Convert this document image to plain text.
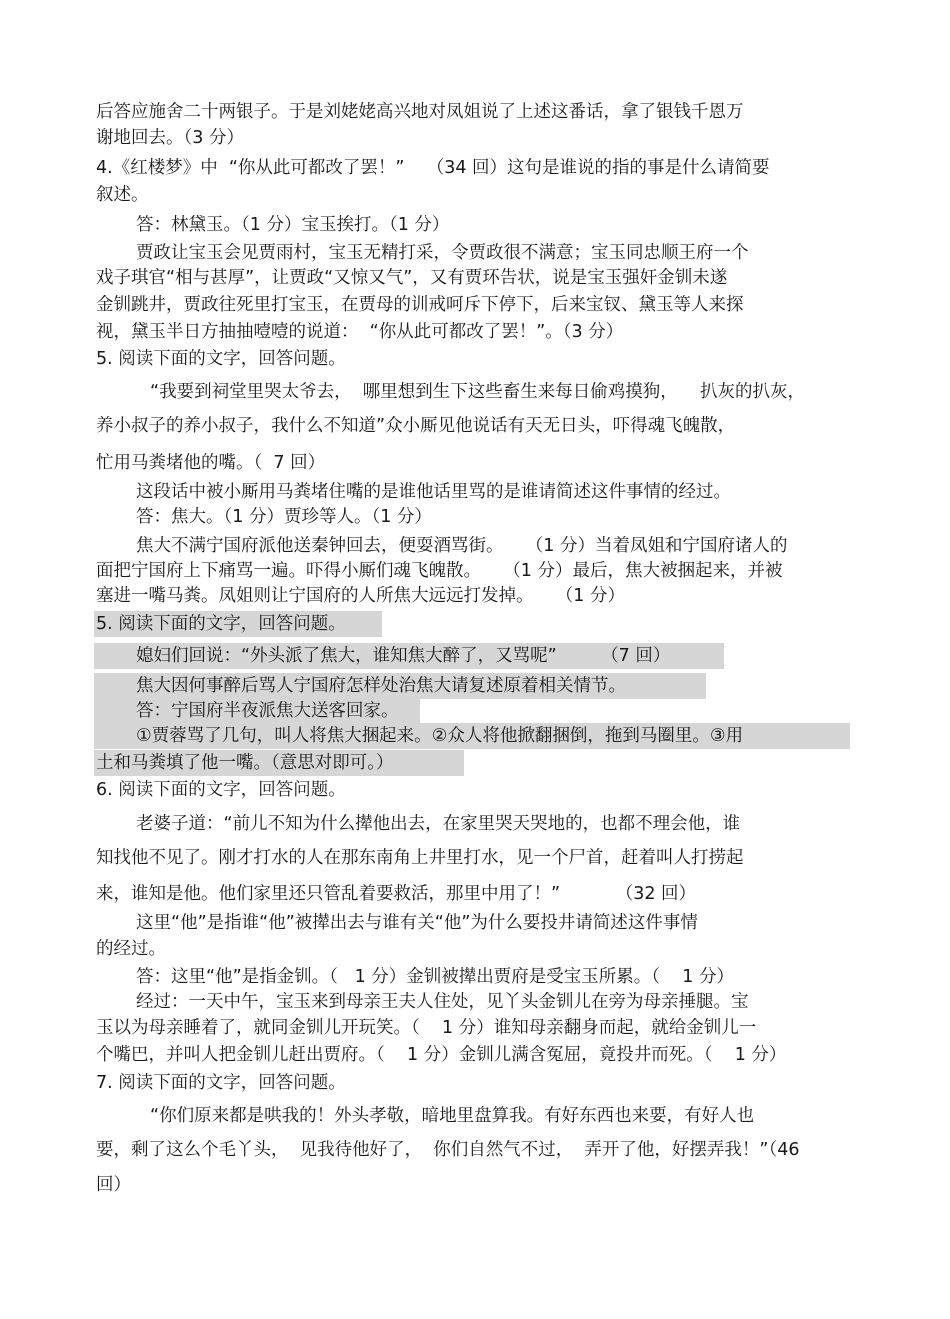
后答应施舍二十两银子。于是刘姥姥高兴地对凤姐说了上述这番话，拿了银钱千恩万
谢地回去。（3 分）
4.《红楼梦》中  “你从此可都改了罢！”    （34 回）这句是谁说的指的事是什么请简要
叙述。
答：林黛玉。（1 分）宝玉挨打。（1 分）
贾政让宝玉会见贾雨村，宝玉无精打采，令贾政很不满意；宝玉同忠顺王府一个
戏子琪官“相与甚厚”，让贾政“又惊又气”，又有贾环告状，说是宝玉强奸金钏未遂
金钏跳井，贾政往死里打宝玉，在贾母的训戒呵斥下停下，后来宝钗、黛玉等人来探
视，黛玉半日方抽抽噎噎的说道：  “你从此可都改了罢！”。（3 分）
5. 阅读下面的文字，回答问题。
“我要到祠堂里哭太爷去，  哪里想到生下这些畜生来每日偷鸡摸狗，    扒灰的扒灰，
养小叔子的养小叔子，我什么不知道”众小厮见他说话有天无日头，吓得魂飞魄散，
忙用马粪堵他的嘴。（  7 回）
这段话中被小厮用马粪堵住嘴的是谁他话里骂的是谁请简述这件事情的经过。
答：焦大。（1 分）贾珍等人。（1 分）
焦大不满宁国府派他送秦钟回去，便耍酒骂街。    （1 分）当着凤姐和宁国府诸人的
面把宁国府上下痛骂一遍。吓得小厮们魂飞魄散。    （1 分）最后，焦大被捆起来，并被
塞进一嘴马粪。凤姐则让宁国府的人所焦大远远打发掉。    （1 分）
5. 阅读下面的文字，回答问题。
媳妇们回说：“外头派了焦大，谁知焦大醉了，又骂呢”        （7 回）
焦大因何事醉后骂人宁国府怎样处治焦大请复述原着相关情节。
答：宁国府半夜派焦大送客回家。
①贾蓉骂了几句，叫人将焦大捆起来。②众人将他掀翻捆倒，拖到马圈里。③用
土和马粪填了他一嘴。（意思对即可。）
6. 阅读下面的文字，回答问题。
老婆子道：“前儿不知为什么撵他出去，在家里哭天哭地的，也都不理会他，谁
知找他不见了。刚才打水的人在那东南角上井里打水，见一个尸首，赶着叫人打捞起
来，谁知是他。他们家里还只管乱着要救活，那里中用了！”          （32 回）
这里“他”是指谁“他”被撵出去与谁有关“他”为什么要投井请简述这件事情
的经过。
答：这里“他”是指金钏。（   1 分）金钏被撵出贾府是受宝玉所累。（    1 分）
经过：一天中午，宝玉来到母亲王夫人住处，见丫头金钏儿在旁为母亲捶腿。宝
玉以为母亲睡着了，就同金钏儿开玩笑。（    1 分）谁知母亲翻身而起，就给金钏儿一
个嘴巴，并叫人把金钏儿赶出贾府。（    1 分）金钏儿满含冤屈，竟投井而死。（    1 分）
7. 阅读下面的文字，回答问题。
“你们原来都是哄我的！外头孝敬，暗地里盘算我。有好东西也来要，有好人也
要，剩了这么个毛丫头，  见我待他好了，  你们自然气不过，  弄开了他，好摆弄我！”（46
回）
